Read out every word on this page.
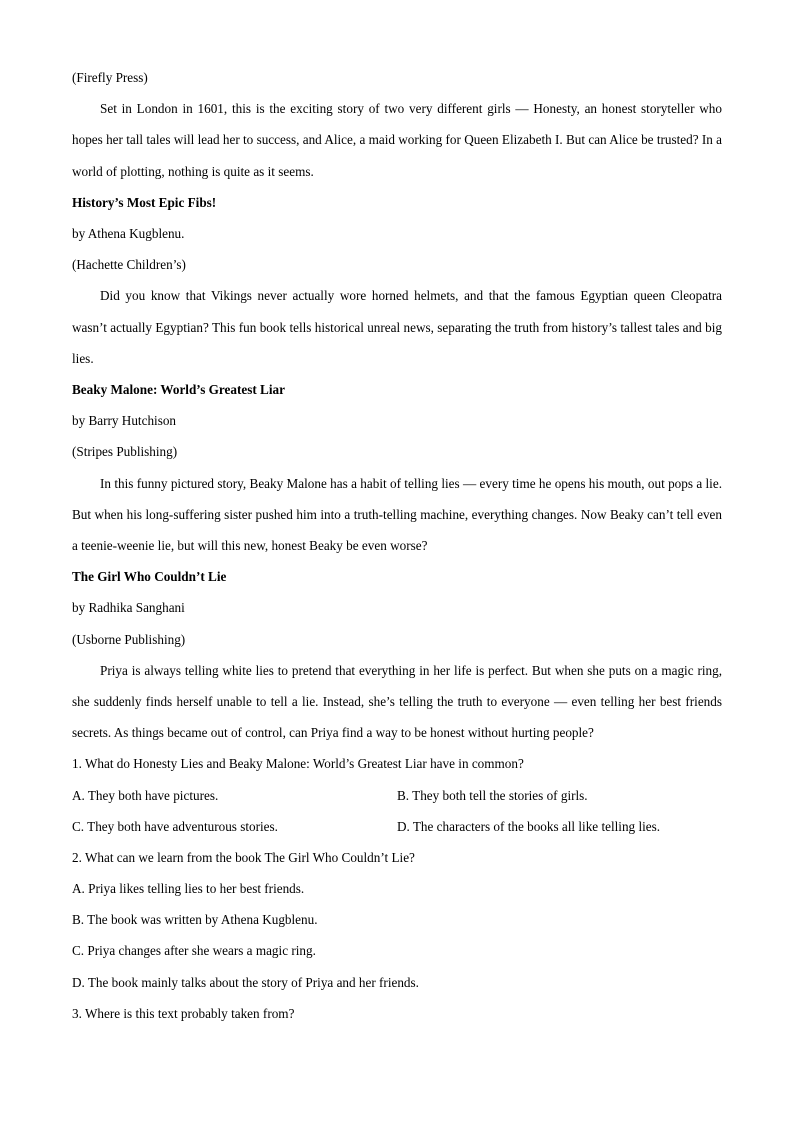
(Firefly Press)

Set in London in 1601, this is the exciting story of two very different girls — Honesty, an honest storyteller who hopes her tall tales will lead her to success, and Alice, a maid working for Queen Elizabeth I. But can Alice be trusted? In a world of plotting, nothing is quite as it seems.

History’s Most Epic Fibs!

by Athena Kugblenu.

(Hachette Children’s)

Did you know that Vikings never actually wore horned helmets, and that the famous Egyptian queen Cleopatra wasn’t actually Egyptian? This fun book tells historical unreal news, separating the truth from history’s tallest tales and big lies.

Beaky Malone: World’s Greatest Liar

by Barry Hutchison

(Stripes Publishing)

In this funny pictured story, Beaky Malone has a habit of telling lies — every time he opens his mouth, out pops a lie. But when his long-suffering sister pushed him into a truth-telling machine, everything changes. Now Beaky can’t tell even a teenie-weenie lie, but will this new, honest Beaky be even worse?

The Girl Who Couldn’t Lie

by Radhika Sanghani

(Usborne Publishing)

Priya is always telling white lies to pretend that everything in her life is perfect. But when she puts on a magic ring, she suddenly finds herself unable to tell a lie. Instead, she’s telling the truth to everyone — even telling her best friends secrets. As things became out of control, can Priya find a way to be honest without hurting people?

1. What do Honesty Lies and Beaky Malone: World’s Greatest Liar have in common?

A. They both have pictures.	B. They both tell the stories of girls.
C. They both have adventurous stories.	D. The characters of the books all like telling lies.

2. What can we learn from the book The Girl Who Couldn’t Lie?

A. Priya likes telling lies to her best friends.

B. The book was written by Athena Kugblenu.

C. Priya changes after she wears a magic ring.

D. The book mainly talks about the story of Priya and her friends.

3. Where is this text probably taken from?
